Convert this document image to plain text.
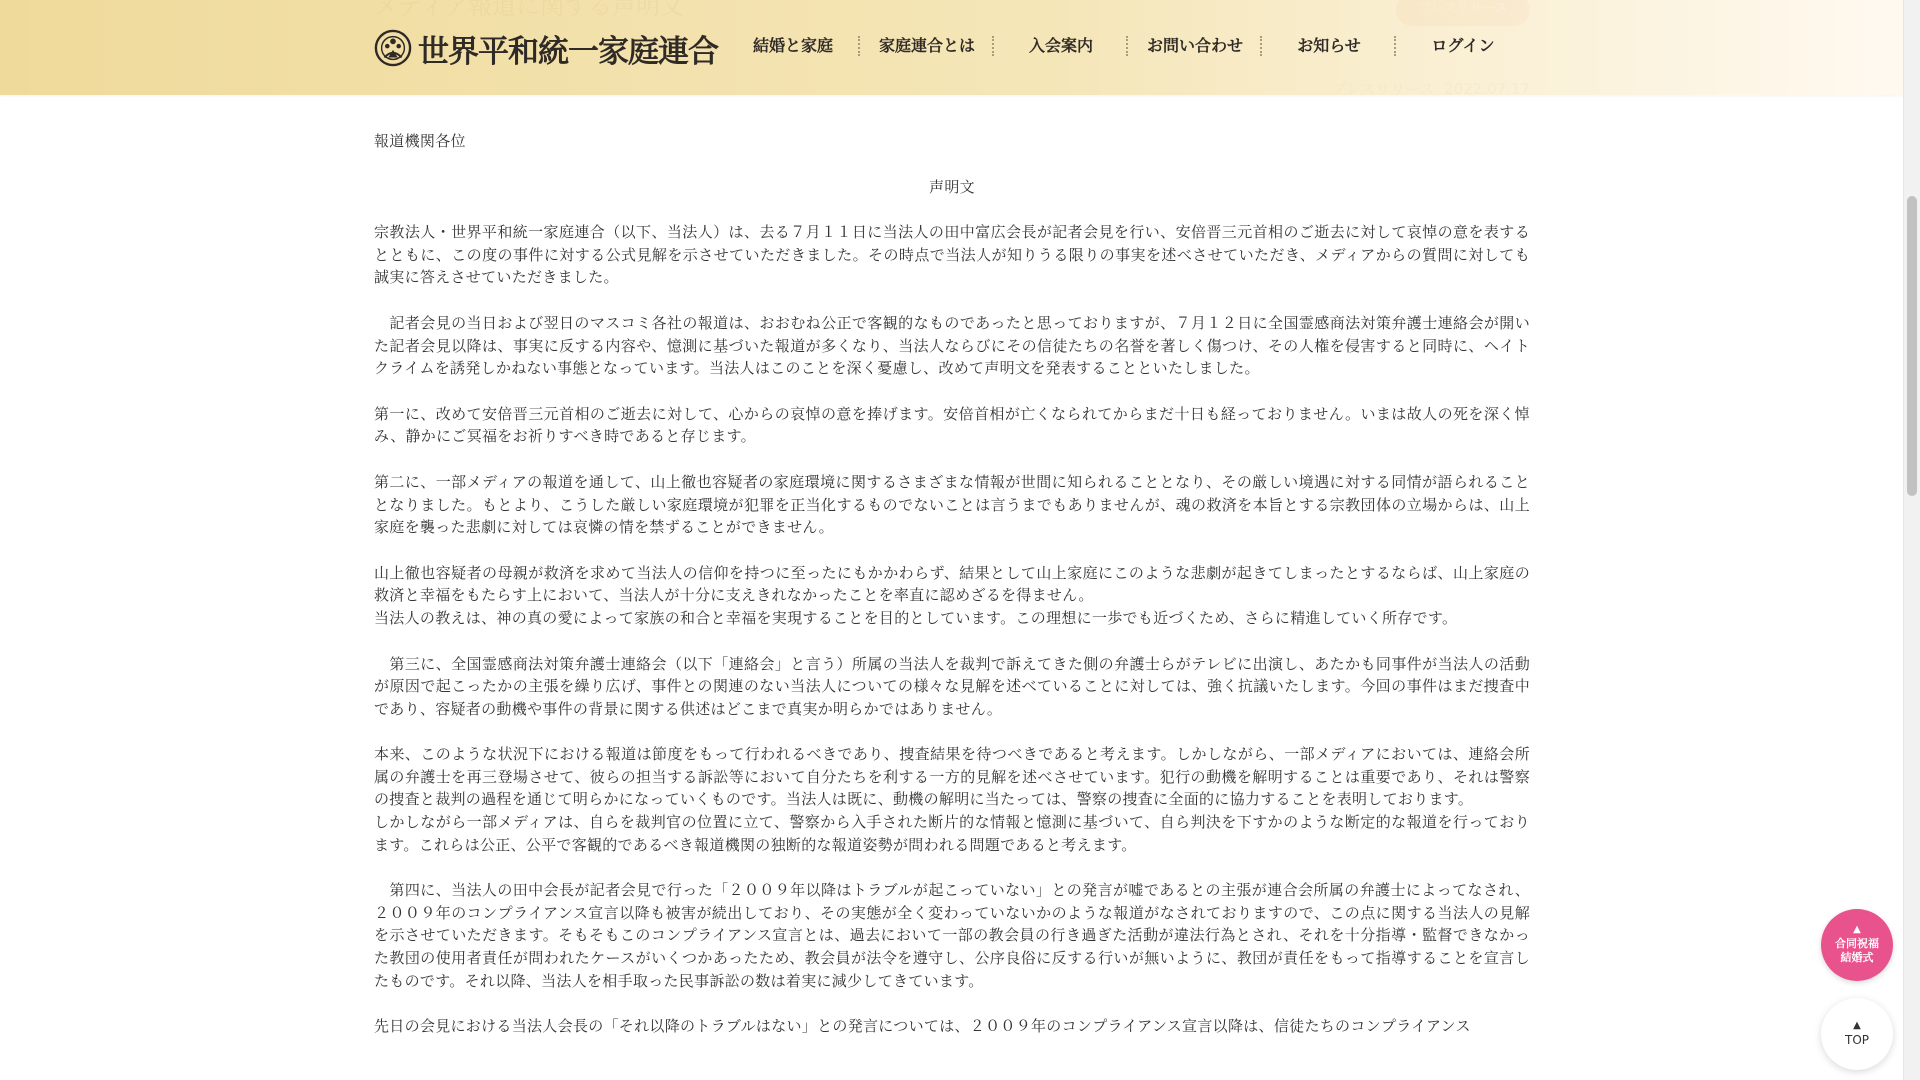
世界平和統一家庭連合	結婚と家庭	家庭連合とは	入会案内	お問い合わせ	お知らせ	ログイン

報道機関各位

声明文

宗教法人・世界平和統一家庭連合（以下、当法人）は、去る７月１１日に当法人の田中富広会長が記者会見を行い、安倍晋三元首相のご逝去に対して哀悼の意を表するとともに、この度の事件に対する公式見解を示させていただきました。その時点で当法人が知りうる限りの事実を述べさせていただき、メディアからの質問に対しても誠実に答えさせていただきました。

　記者会見の当日および翌日のマスコミ各社の報道は、おおむね公正で客観的なものであったと思っておりますが、７月１２日に全国霊感商法対策弁護士連絡会が開いた記者会見以降は、事実に反する内容や、憶測に基づいた報道が多くなり、当法人ならびにその信徒たちの名誉を著しく傷つけ、その人権を侵害すると同時に、ヘイトクライムを誘発しかねない事態となっています。当法人はこのことを深く憂慮し、改めて声明文を発表することといたしました。

第一に、改めて安倍晋三元首相のご逝去に対して、心からの哀悼の意を捧げます。安倍首相が亡くなられてからまだ十日も経っておりません。いまは故人の死を深く悼み、静かにご冥福をお祈りすべき時であると存じます。

第二に、一部メディアの報道を通して、山上徹也容疑者の家庭環境に関するさまざまな情報が世間に知られることとなり、その厳しい境遇に対する同情が語られることとなりました。もとより、こうした厳しい家庭環境が犯罪を正当化するものでないことは言うまでもありませんが、魂の救済を本旨とする宗教団体の立場からは、山上家庭を襲った悲劇に対しては哀憐の情を禁ずることができません。

山上徹也容疑者の母親が救済を求めて当法人の信仰を持つに至ったにもかかわらず、結果として山上家庭にこのような悲劇が起きてしまったとするならば、山上家庭の救済と幸福をもたらす上において、当法人が十分に支えきれなかったことを率直に認めざるを得ません。

当法人の教えは、神の真の愛によって家族の和合と幸福を実現することを目的としています。この理想に一歩でも近づくため、さらに精進していく所存です。

　第三に、全国霊感商法対策弁護士連絡会（以下「連絡会」と言う）所属の当法人を裁判で訴えてきた側の弁護士らがテレビに出演し、あたかも同事件が当法人の活動が原因で起こったかの主張を繰り広げ、事件との関連のない当法人についての様々な見解を述べていることに対しては、強く抗議いたします。今回の事件はまだ捜査中であり、容疑者の動機や事件の背景に関する供述はどこまで真実か明らかではありません。

本来、このような状況下における報道は節度をもって行われるべきであり、捜査結果を待つべきであると考えます。しかしながら、一部メディアにおいては、連絡会所属の弁護士を再三登場させて、彼らの担当する訴訟等において自分たちを利する一方的見解を述べさせています。犯行の動機を解明することは重要であり、それは警察の捜査と裁判の過程を通じて明らかになっていくものです。当法人は既に、動機の解明に当たっては、警察の捜査に全面的に協力することを表明しております。

しかしながら一部メディアは、自らを裁判官の位置に立て、警察から入手された断片的な情報と憶測に基づいて、自ら判決を下すかのような断定的な報道を行っております。これらは公正、公平で客観的であるべき報道機関の独断的な報道姿勢が問われる問題であると考えます。

　第四に、当法人の田中会長が記者会見で行った「２００９年以降はトラブルが起こっていない」との発言が嘘であるとの主張が連合会所属の弁護士によってなされ、２００９年のコンプライアンス宣言以降も被害が続出しており、その実態が全く変わっていないかのような報道がなされておりますので、この点に関する当法人の見解を示させていただきます。そもそもこのコンプライアンス宣言とは、過去において一部の教会員の行き過ぎた活動が違法行為とされ、それを十分指導・監督できなかった教団の使用者責任が問われたケースがいくつかあったため、教会員が法令を遵守し、公序良俗に反する行いが無いように、教団が責任をもって指導することを宣言したものです。それ以降、当法人を相手取った民事訴訟の数は着実に減少してきています。

先日の会見における当法人会長の「それ以降のトラブルはない」との発言については、２００９年のコンプライアンス宣言以降は、信徒たちのコンプライアンス

▲
合同祝福
結婚式
▲
TOP
